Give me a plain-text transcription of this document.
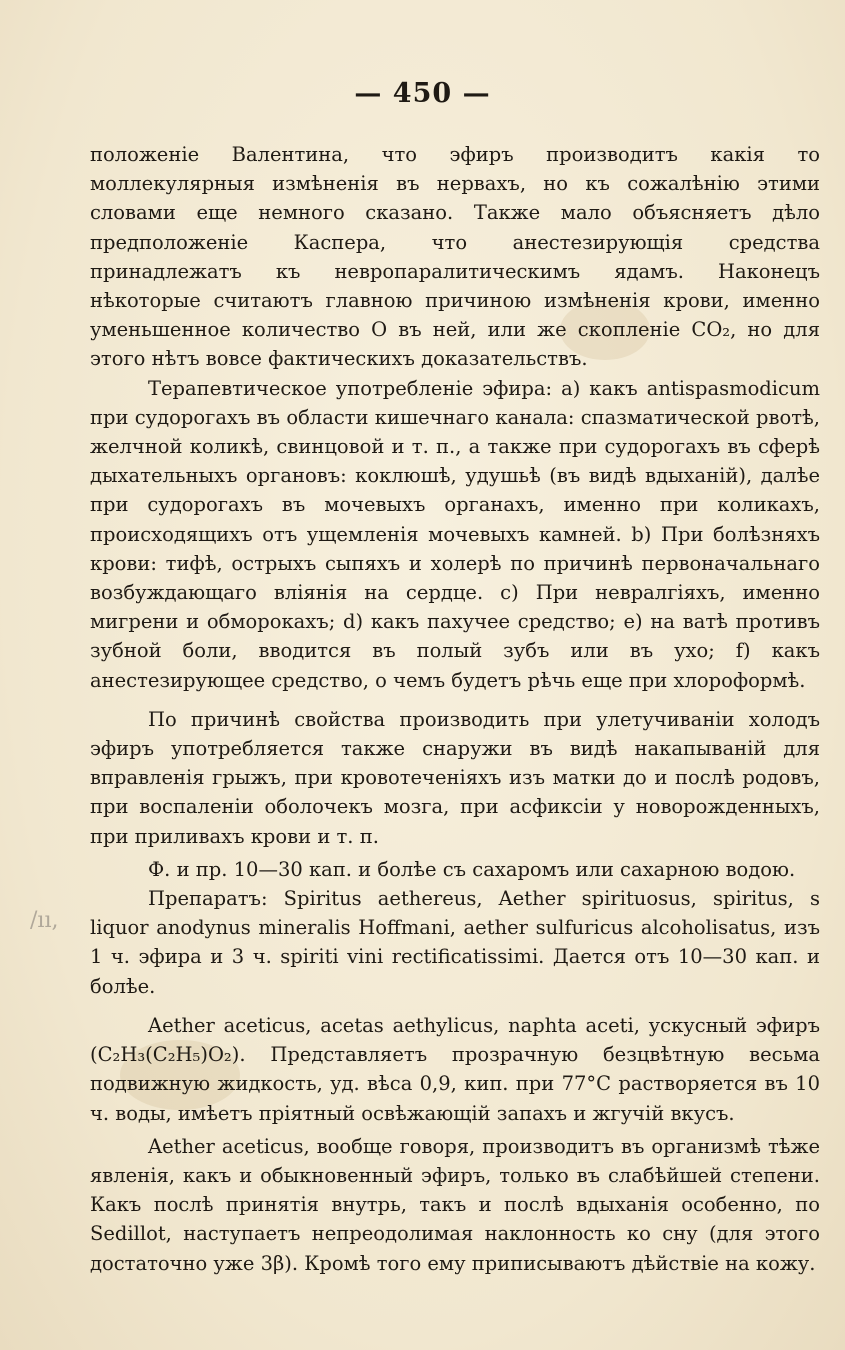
— 450 —
/ıı,

положеніе Валентина, что эфиръ производитъ какія то моллекулярныя измѣненія въ нервахъ, но къ сожалѣнію этими словами еще немного сказано. Также мало объясняетъ дѣло предположеніе Каспера, что анестезирующія средства принадлежатъ къ невропаралитическимъ ядамъ. Наконецъ нѣкоторые считаютъ главною причиною измѣненія крови, именно уменьшенное количество О въ ней, или же скопленіе CO₂, но для этого нѣтъ вовсе фактическихъ доказательствъ.

Терапевтическое употребленіе эфира: a) какъ antispasmodicum при судорогахъ въ области кишечнаго канала: спазматической рвотѣ, желчной коликѣ, свинцовой и т. п., а также при судорогахъ въ сферѣ дыхательныхъ органовъ: коклюшѣ, удушьѣ (въ видѣ вдыханій), далѣе при судорогахъ въ мочевыхъ органахъ, именно при коликахъ, происходящихъ отъ ущемленія мочевыхъ камней. b) При болѣзняхъ крови: тифѣ, острыхъ сыпяхъ и холерѣ по причинѣ первоначальнаго возбуждающаго вліянія на сердце. c) При невралгіяхъ, именно мигрени и обморокахъ; d) какъ пахучее средство; e) на ватѣ противъ зубной боли, вводится въ полый зубъ или въ ухо; f) какъ анестезирующее средство, о чемъ будетъ рѣчь еще при хлороформѣ.

По причинѣ свойства производить при улетучиваніи холодъ эфиръ употребляется также снаружи въ видѣ накапываній для вправленія грыжъ, при кровотеченіяхъ изъ матки до и послѣ родовъ, при воспаленіи оболочекъ мозга, при асфиксіи у новорожденныхъ, при приливахъ крови и т. п.

Ф. и пр. 10—30 кап. и болѣе съ сахаромъ или сахарною водою.

Препаратъ: Spiritus aethereus, Aether spirituosus, spiritus, s liquor anodynus mineralis Hoffmani, aether sulfuricus alcoholisatus, изъ 1 ч. эфира и 3 ч. spiriti vini rectificatissimi. Дается отъ 10—30 кап. и болѣе.

Aether aceticus, acetas aethylicus, naphta aceti, ускусный эфиръ (C₂H₃(C₂H₅)O₂). Представляетъ прозрачную безцвѣтную весьма подвижную жидкость, уд. вѣса 0,9, кип. при 77°C растворяется въ 10 ч. воды, имѣетъ пріятный освѣжающій запахъ и жгучій вкусъ.

Aether aceticus, вообще говоря, производитъ въ организмѣ тѣже явленія, какъ и обыкновенный эфиръ, только въ слабѣйшей степени. Какъ послѣ принятія внутрь, такъ и послѣ вдыханія особенно, по Sedillot, наступаетъ непреодолимая наклонность ко сну (для этого достаточно уже 3β). Кромѣ того ему приписываютъ дѣйствіе на кожу.
